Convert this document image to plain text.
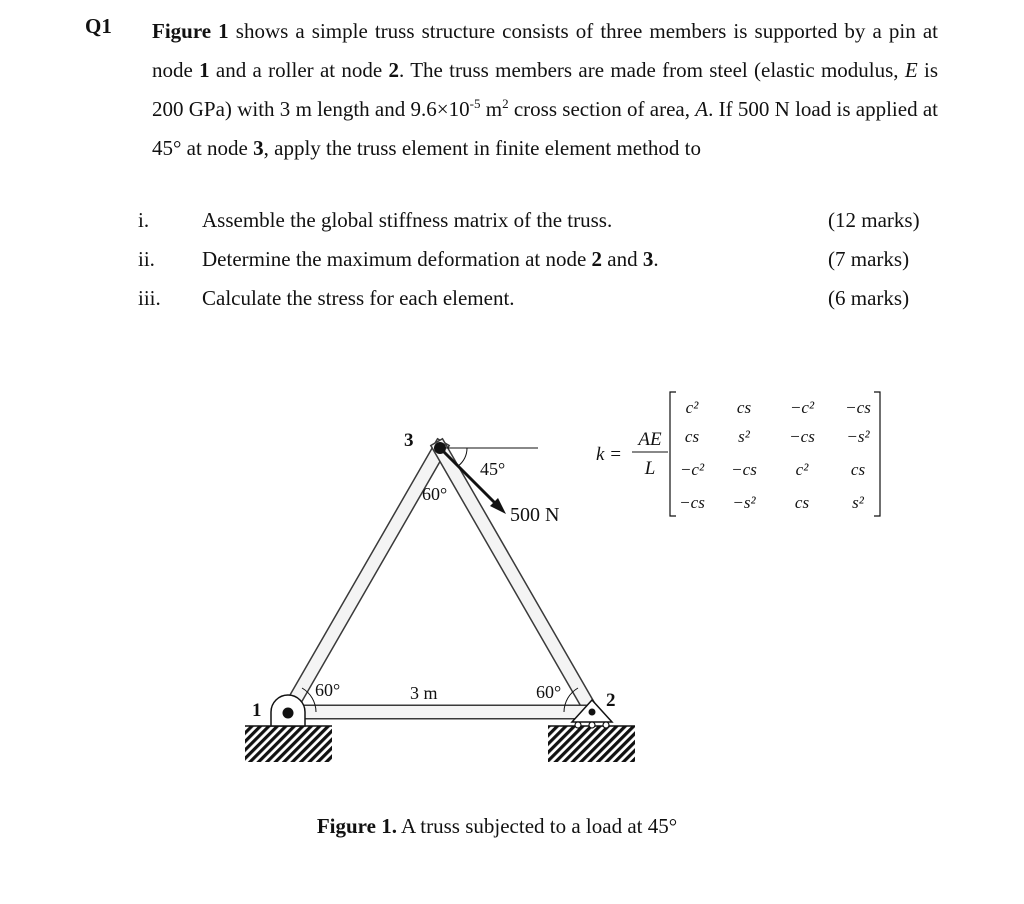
Q1 Figure 1 shows a simple truss structure consists of three members is supported by a pin at node 1 and a roller at node 2. The truss members are made from steel (elastic modulus, E is 200 GPa) with 3 m length and $9.6\times 10^{-5}$ $m^2$ cross section of area, A. If 500 N load is applied at 45° at node 3, apply the truss element in finite element method to
i.	Assemble the global stiffness matrix of the truss.	(12 marks)
ii. Determine the maximum deformation at node 2 and 3.	(7 marks)
iii. Calculate the stress for each element.	(6 marks)
3
1	2
45°
60°
60°	60°
3 m
500 N
k =
AE
L
c² cs −c² −cs
cs s² −cs −s²
−c² −cs c²	cs
−cs −s² cs	s²
Figure 1. A truss subjected to a load at 45°
